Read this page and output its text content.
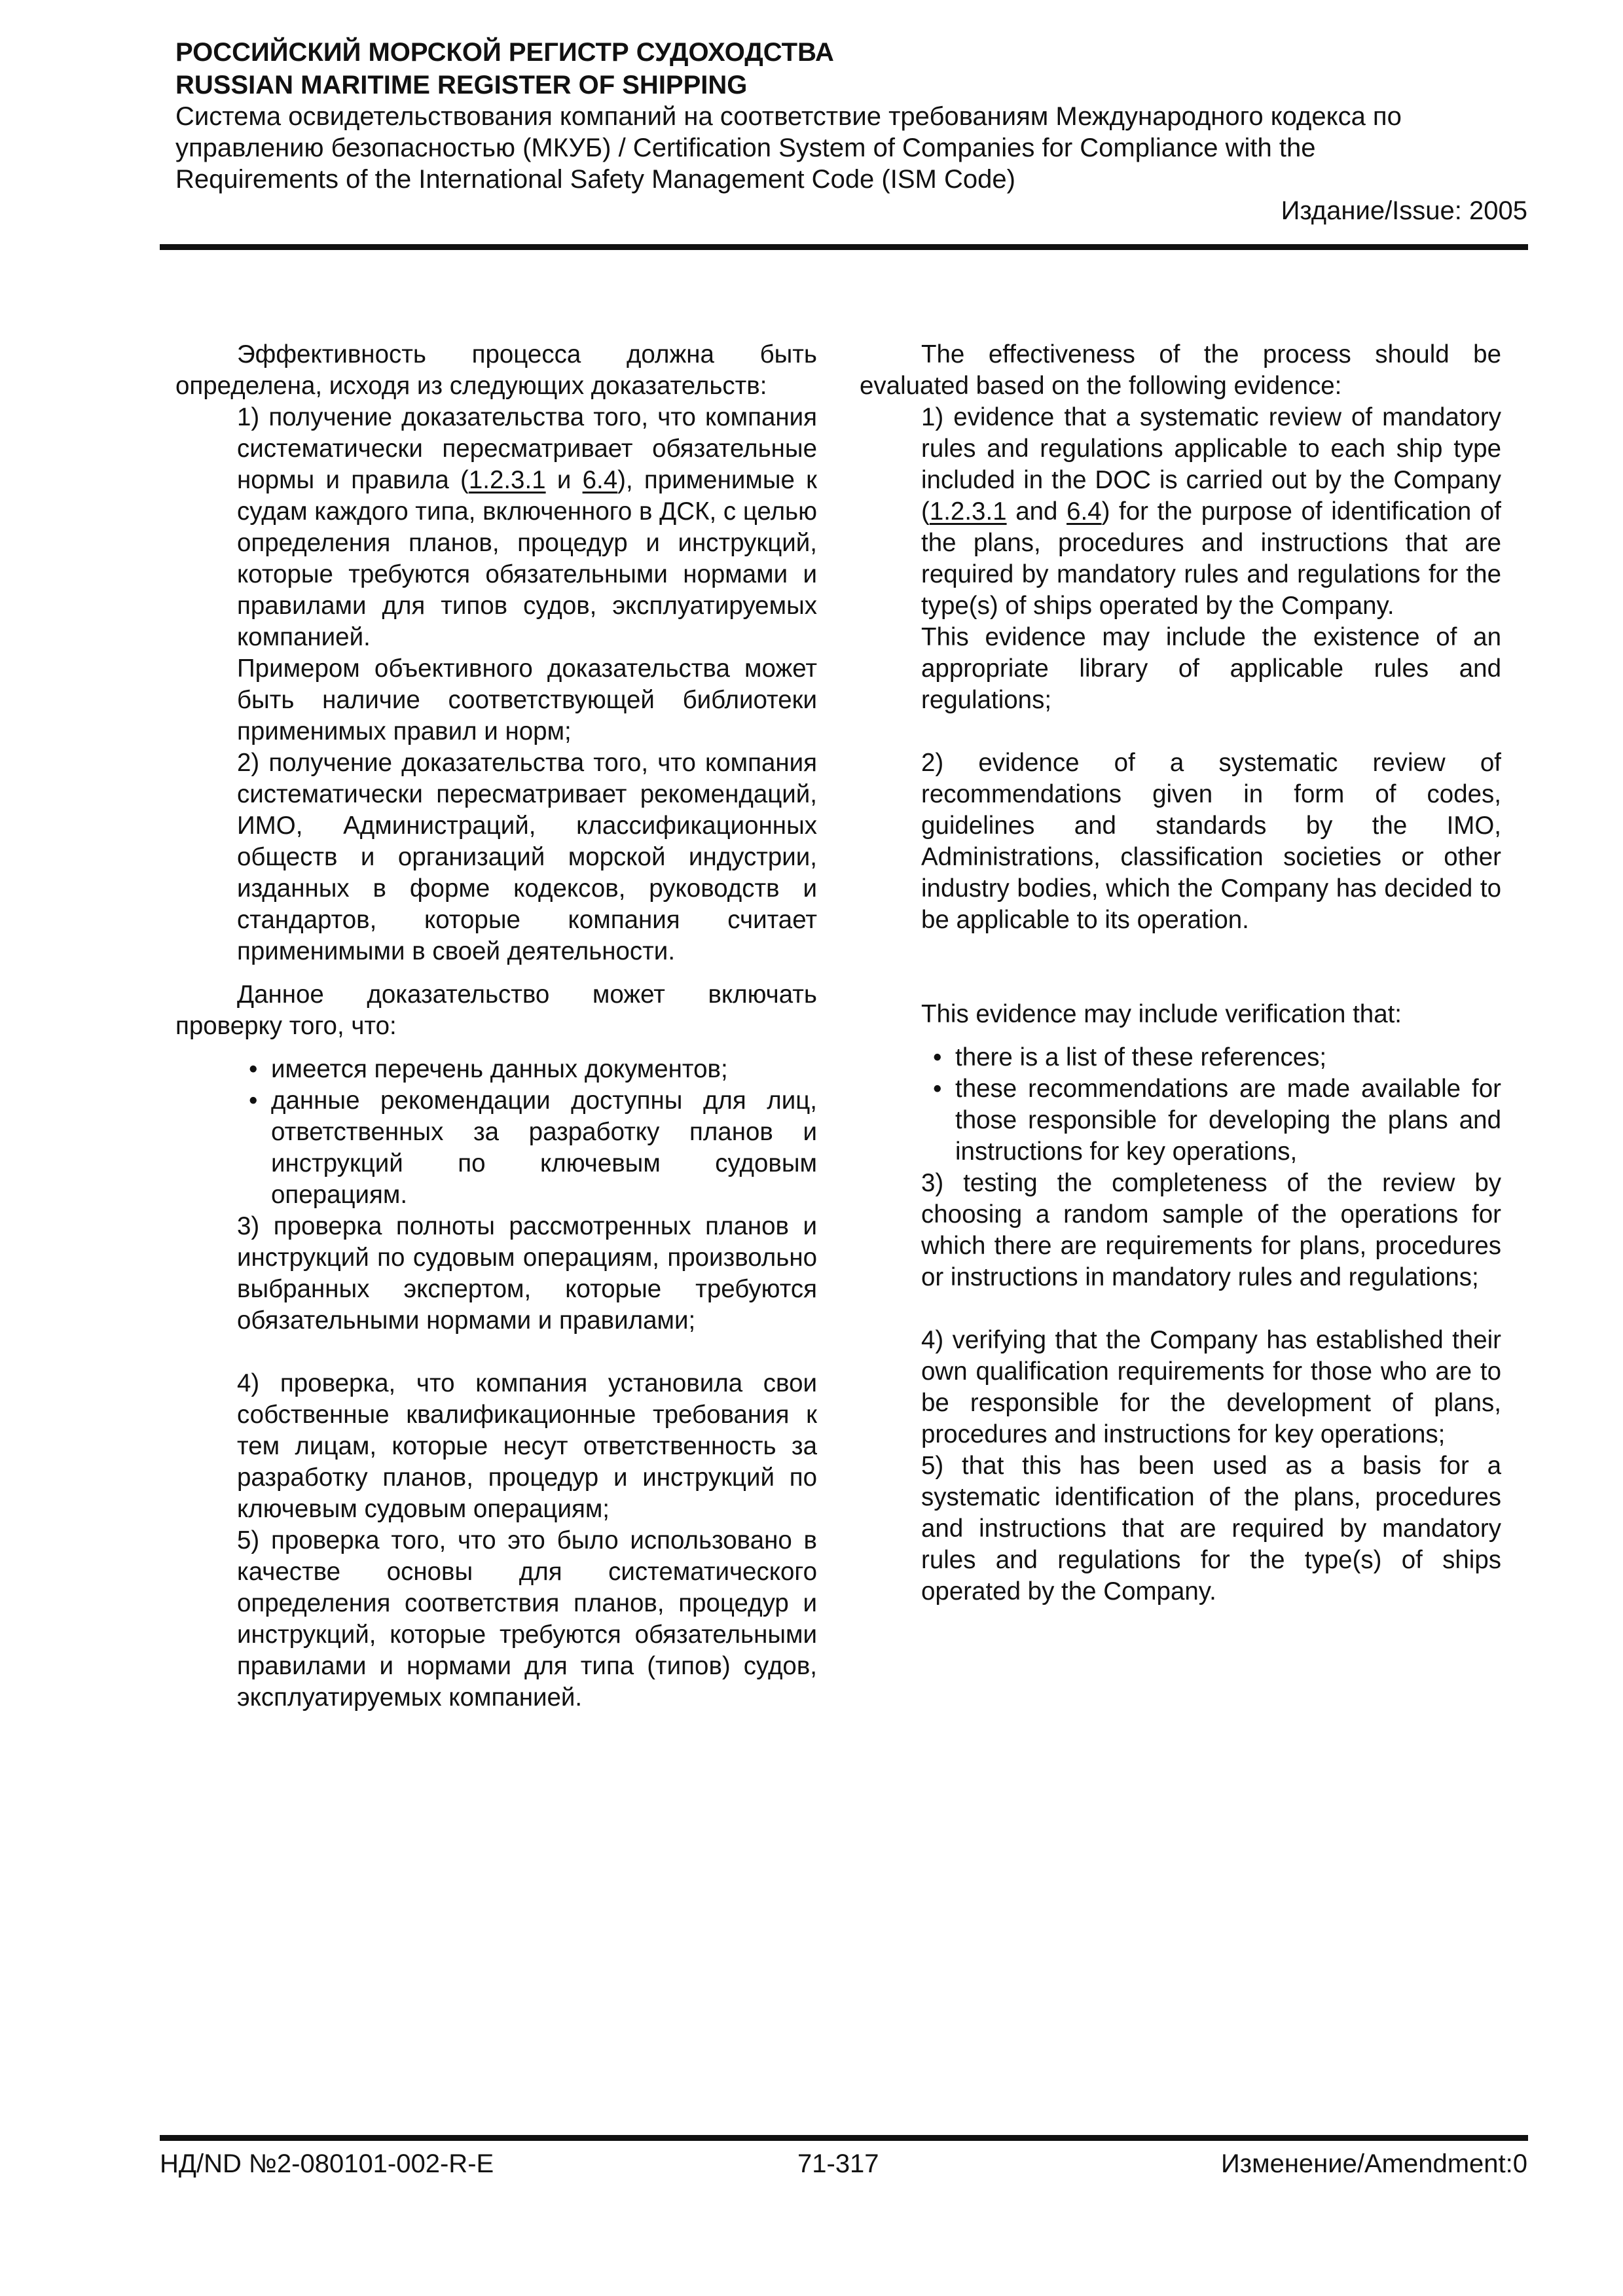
РОССИЙСКИЙ МОРСКОЙ РЕГИСТР СУДОХОДСТВА
RUSSIAN MARITIME REGISTER OF SHIPPING
Система освидетельствования компаний на соответствие требованиям Международного кодекса по управлению безопасностью (МКУБ) / Certification System of Companies for Compliance with the Requirements of the International Safety Management Code (ISM Code)
Издание/Issue: 2005

Эффективность процесса должна быть определена, исходя из следующих доказательств:

1) получение доказательства того, что компания систематически пересматривает обязательные нормы и правила (1.2.3.1 и 6.4), применимые к судам каждого типа, включенного в ДСК, с целью определения планов, процедур и инструкций, которые требуются обязательными нормами и правилами для типов судов, эксплуатируемых компанией.

Примером объективного доказательства может быть наличие соответствующей библиотеки применимых правил и норм;

2) получение доказательства того, что компания систематически пересматривает рекомендаций, ИМО, Администраций, классификационных обществ и организаций морской индустрии, изданных в форме кодексов, руководств и стандартов, которые компания считает применимыми в своей деятельности.

Данное доказательство может включать проверку того, что:

• имеется перечень данных документов;

• данные рекомендации доступны для лиц, ответственных за разработку планов и инструкций по ключевым судовым операциям.

3) проверка полноты рассмотренных планов и инструкций по судовым операциям, произвольно выбранных экспертом, которые требуются обязательными нормами и правилами;

4) проверка, что компания установила свои собственные квалификационные требования к тем лицам, которые несут ответственность за разработку планов, процедур и инструкций по ключевым судовым операциям;

5) проверка того, что это было использовано в качестве основы для систематического определения соответствия планов, процедур и инструкций, которые требуются обязательными правилами и нормами для типа (типов) судов, эксплуатируемых компанией.

The effectiveness of the process should be evaluated based on the following evidence:

1) evidence that a systematic review of mandatory rules and regulations applicable to each ship type included in the DOC is carried out by the Company (1.2.3.1 and 6.4) for the purpose of identification of the plans, procedures and instructions that are required by mandatory rules and regulations for the type(s) of ships operated by the Company.

This evidence may include the existence of an appropriate library of applicable rules and regulations;

2) evidence of a systematic review of recommendations given in form of codes, guidelines and standards by the IMO, Administrations, classification societies or other industry bodies, which the Company has decided to be applicable to its operation.

This evidence may include verification that:

• there is a list of these references;

• these recommendations are made available for those responsible for developing the plans and instructions for key operations,

3) testing the completeness of the review by choosing a random sample of the operations for which there are requirements for plans, procedures or instructions in mandatory rules and regulations;

4) verifying that the Company has established their own qualification requirements for those who are to be responsible for the development of plans, procedures and instructions for key operations;

5) that this has been used as a basis for a systematic identification of the plans, procedures and instructions that are required by mandatory rules and regulations for the type(s) of ships operated by the Company.

НД/ND №2-080101-002-R-E	71-317	Изменение/Amendment:0
